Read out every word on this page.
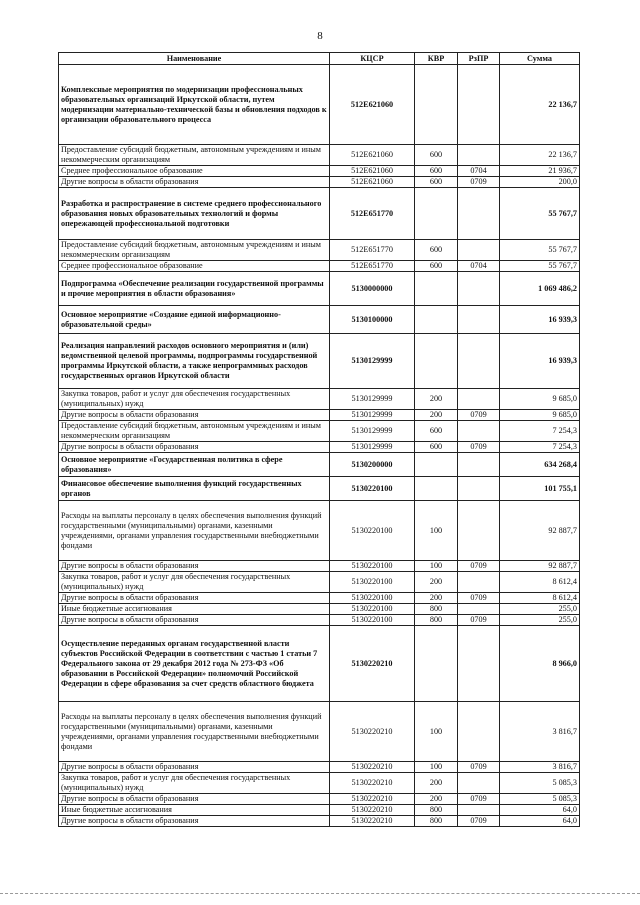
8
Наименование	КЦСР	КВР	РзПР	Сумма
Комплексные мероприятия по модернизации профессиональных образовательных организаций Иркутской области, путем модернизации материально-технической базы и обновления подходов к организации образовательного процесса	512E621060			22 136,7
Предоставление субсидий бюджетным, автономным учреждениям и иным некоммерческим организациям	512E621060	600		22 136,7
Среднее профессиональное образование	512E621060	600	0704	21 936,7
Другие вопросы в области образования	512E621060	600	0709	200,0
Разработка и распространение в системе среднего профессионального образования новых образовательных технологий и формы опережающей профессиональной подготовки	512E651770			55 767,7
Предоставление субсидий бюджетным, автономным учреждениям и иным некоммерческим организациям	512E651770	600		55 767,7
Среднее профессиональное образование	512E651770	600	0704	55 767,7
Подпрограмма «Обеспечение реализации государственной программы и прочие мероприятия в области образования»	5130000000			1 069 486,2
Основное мероприятие «Создание единой информационно-образовательной среды»	5130100000			16 939,3
Реализация направлений расходов основного мероприятия и (или) ведомственной целевой программы, подпрограммы государственной программы Иркутской области, а также непрограммных расходов государственных органов Иркутской области	5130129999			16 939,3
Закупка товаров, работ и услуг для обеспечения государственных (муниципальных) нужд	5130129999	200		9 685,0
Другие вопросы в области образования	5130129999	200	0709	9 685,0
Предоставление субсидий бюджетным, автономным учреждениям и иным некоммерческим организациям	5130129999	600		7 254,3
Другие вопросы в области образования	5130129999	600	0709	7 254,3
Основное мероприятие «Государственная политика в сфере образования»	5130200000			634 268,4
Финансовое обеспечение выполнения функций государственных органов	5130220100			101 755,1
Расходы на выплаты персоналу в целях обеспечения выполнения функций государственными (муниципальными) органами, казенными учреждениями, органами управления государственными внебюджетными фондами	5130220100	100		92 887,7
Другие вопросы в области образования	5130220100	100	0709	92 887,7
Закупка товаров, работ и услуг для обеспечения государственных (муниципальных) нужд	5130220100	200		8 612,4
Другие вопросы в области образования	5130220100	200	0709	8 612,4
Иные бюджетные ассигнования	5130220100	800		255,0
Другие вопросы в области образования	5130220100	800	0709	255,0
Осуществление переданных органам государственной власти субъектов Российской Федерации в соответствии с частью 1 статьи 7 Федерального закона от 29 декабря 2012 года № 273-ФЗ «Об образовании в Российской Федерации» полномочий Российской Федерации в сфере образования за счет средств областного бюджета	5130220210			8 966,0
Расходы на выплаты персоналу в целях обеспечения выполнения функций государственными (муниципальными) органами, казенными учреждениями, органами управления государственными внебюджетными фондами	5130220210	100		3 816,7
Другие вопросы в области образования	5130220210	100	0709	3 816,7
Закупка товаров, работ и услуг для обеспечения государственных (муниципальных) нужд	5130220210	200		5 085,3
Другие вопросы в области образования	5130220210	200	0709	5 085,3
Иные бюджетные ассигнования	5130220210	800		64,0
Другие вопросы в области образования	5130220210	800	0709	64,0
